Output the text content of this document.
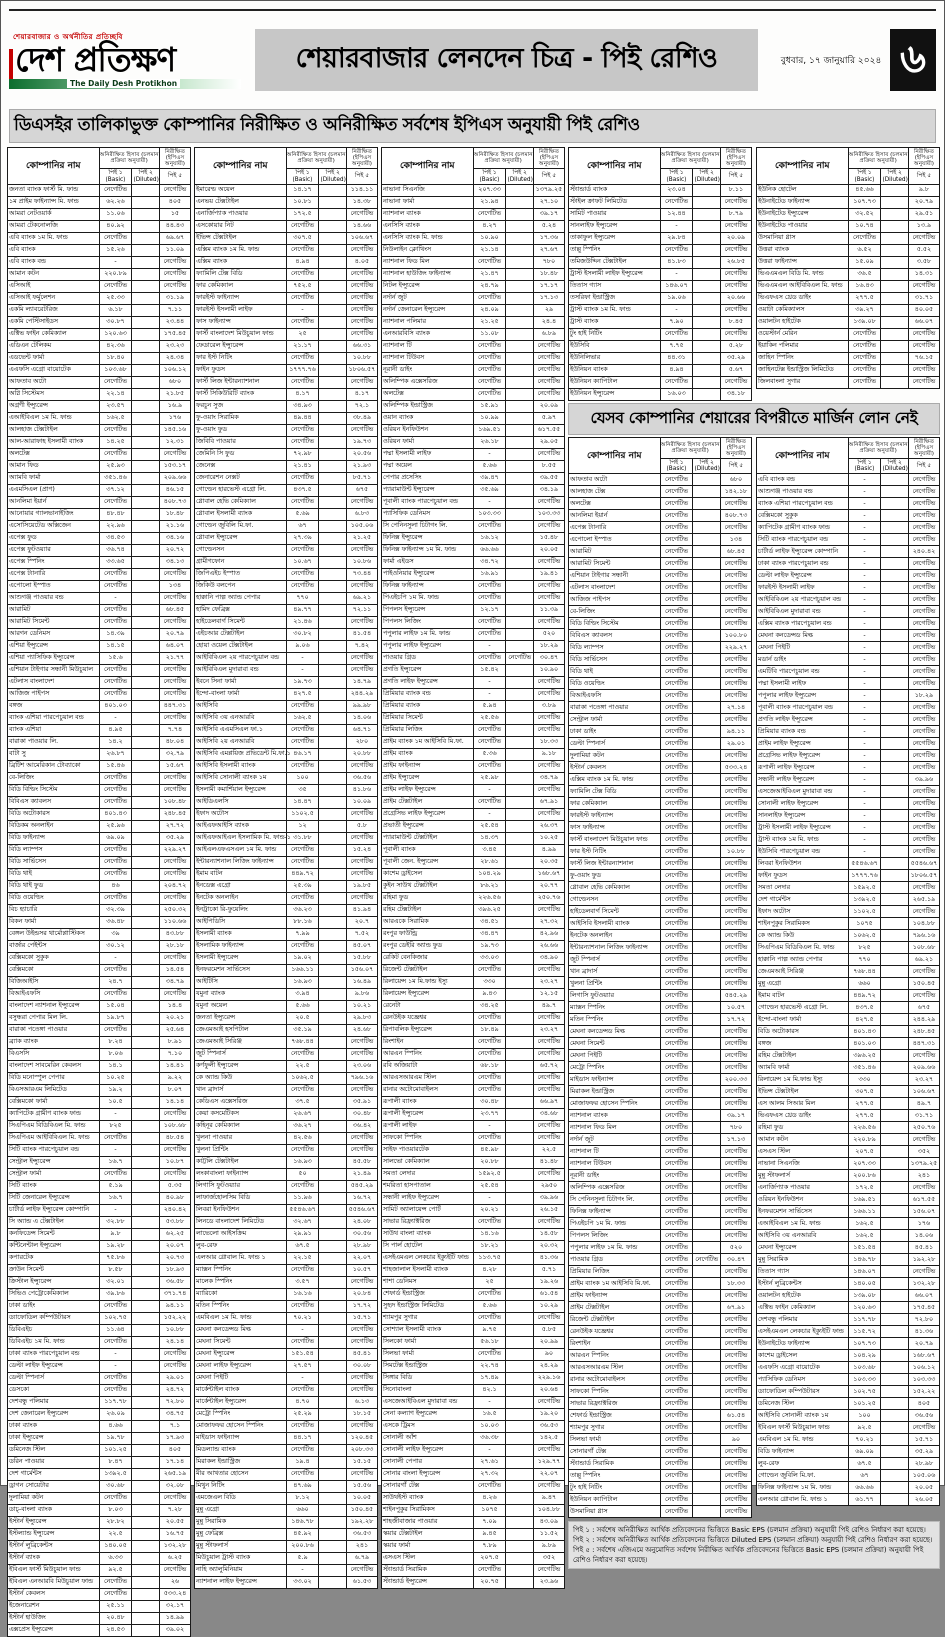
শেয়ারবাজার ও অর্থনীতির প্রতিচ্ছবি
দেশ প্রতিক্ষণ
The Daily Desh Protikhon
শেয়ারবাজার লেনদেন চিত্র - পিই রেশিও	বুধবার, ১৭ জানুয়ারি ২০২৪ ৬
ডিএসইর তালিকাভুক্ত কোম্পানির নিরীক্ষিত ও অনিরীক্ষিত সর্বশেষ ইপিএস অনুযায়ী পিই রেশিও
কোম্পানির নাম	অনিরীক্ষিত হিসাব (চলমান প্রক্রিয়া অনুযায়ী)		নিরীক্ষিত (ইপিএস অনুযায়ী)
	পিই ১ (Basic)	পিই ২ (Diluted)	পিই ৫
জনতা ব্যাংক ফার্স্ট মি. ফান্ড	নেগেটিভ		নেগেটিভ
১ম প্রাইম ফাইন্যান্স মি. ফান্ড	৬২.২৬		৪০৫
আমরা নেটওয়ার্ক	১১.০৬		১৫
আমরা টেকনোলজি	৪০.৯২		৪৪.৪৩
এবি ব্যাংক ১ম মি. ফান্ড	নেগেটিভ		৬৯.৬৭
এবি ব্যাংক	১৫.২৬		১১.০৯
এবি ব্যাংক বন্ড	-		নেগেটিভ
আমান কটন	২২০.৮৯		নেগেটিভ
এসিআই	নেগেটিভ		নেগেটিভ
এসিআই ফর্মুলেশন	২৫.৩৩		৩১.১৯
একমি ল্যাবরেটরিজ	৬.১৮		৭.১১
একমি পেস্টিসাইডস	৩০.৮৭		২৩.৪৪
এক্টিভ ফাইন কেমিক্যাল	১২০.৬৩		১৭৫.৪৫
এডিএন টেলিকম	৪২.৩৬		২৩.২৩
এডভেন্ট ফার্মা	১৮.৪০		২৪.৩৪
এএফসি এগ্রো বায়োটেক	১০৩.৬৮		১০৬.১২
আফতাব অটো	নেগেটিভ		৬৮০
অগ্নি সিস্টেমস	২২.১৪		২১.৮৫
অগ্রণী ইন্স্যুরেন্স	২৩.৫৭		১৬.৯
এআইবিএল ১ম মি. ফান্ড	১৬২.৫		১৭৬
আলহাজ টেক্সটাইল	নেগেটিভ		১৪৫.১৬
আল-আরাফাহ ইসলামী ব্যাংক	১৪.২৫		১২.৩১
অলটেক্স	নেগেটিভ		নেগেটিভ
আমান ফিড	২৫.৯৩		১৫৩.১৭
অ্যামবি ফার্মা	৩৫১.৪৬		২০৯.৬৬
এএমসিএল (প্রাণ)	৩৭.১২		৪৬.১৫
আনলিমা ইয়ার্ন	নেগেটিভ		৪০৮.৭৩
আনোয়ার গ্যালভানাইজিং	৪৮.৪৮		১৮.৪৮
এসোসিয়েটেড অক্সিজেন	২২.৯৬		২১.১৬
এপেক্স ফুড	৩৪.৫৩		৩৪.১৬
এপেক্স ফুটওয়্যার	৩৬.৭৪		২০.৭২
এপেক্স স্পিনিং	৩৩.৬৫		৩৪.১৩
এপেক্স ট্যানারি	নেগেটিভ		নেগেটিভ
এপোলো ইস্পাত	নেগেটিভ		১৩৪
আশুগঞ্জ পাওয়ার বন্ড	-		নেগেটিভ
আরামিট	নেগেটিভ		৬৮.৪৫
আরামিট সিমেন্ট	নেগেটিভ		নেগেটিভ
আরগন ডেনিমস	১৪.৩৯		২০.৭৯
এশিয়া ইন্স্যুরেন্স	১৪.১৫		৬৪.০৭
এশিয়া প্যাসিফিক ইন্স্যুরেন্স	১৫.৬		২১.৭৭
এশিয়ান টাইগার সন্ধানী মিউচুয়াল	নেগেটিভ		নেগেটিভ
এটলাস বাংলাদেশ	নেগেটিভ		নেগেটিভ
আজিজ পাইপস	নেগেটিভ		নেগেটিভ
বঙ্গজ	৪০১.০৩		৪৪৭.৩১
ব্যাংক এশিয়া পারপেচুয়াল বন্ড	-		নেগেটিভ
ব্যাংক এশিয়া	৪.৯৫		৭.৭৪
বারাকা পাওয়ার লি.	১৪.২		৪৮.০৪
বাটা সু	২৬.৮৭		৩২.৭৯
ব্রিটিশ আমেরিকান টোব্যাকো	১৫.৪৬		১৫.৬৭
বে-লিজিং	নেগেটিভ		নেগেটিভ
বিডি বিল্ডিং সিস্টেম	নেগেটিভ		নেগেটিভ
বিবিএস ক্যাবলস	নেগেটিভ		১০৮.৪৮
বিডি অটোকারস	৪০১.৪৩		২৪৮.৪৫
বিডিকম অনলাইন	২৫.৯৬		২৭.৭২
বিডি ফাইন্যান্স	৬৯.০৯		৩৫.২৯
বিডি ল্যাম্পস	নেগেটিভ		২২৯.২৭
বিডি সার্ভিসেস	নেগেটিভ		নেগেটিভ
বিডি থাই	নেগেটিভ		নেগেটিভ
বিডি থাই ফুড	৪৬		২০৪.৭২
বিডি ওয়েল্ডিং	নেগেটিভ		নেগেটিভ
বিচ হ্যাচারি	৩২.৩৯		২৫০.৩২
বিকন ফার্মা	৩৬.৪৮		১১০.৬৬
বেঙ্গল উইন্ডসর থার্মোপ্লাস্টিকস	৩৯		৪৩.৮৮
বার্জার পেইন্টস	৩০.১২		২৮.১৮
বেক্সিমকো সুকুক	-		নেগেটিভ
বেক্সিমকো	নেগেটিভ		১৪.৫৪
বিজিআইসি	২৪.৭		৩৪.৭৯
বিআইএফসি	নেগেটিভ		নেগেটিভ
বাংলাদেশ ন্যাশনাল ইন্স্যুরেন্স	১৫.০৪		১৪.৪
বসুন্ধরা পেপার মিল লি.	১৯.৮৭		২০.২১
বারাকা পতেঙ্গা পাওয়ার	নেগেটিভ		২৫.৬৪
ব্র্যাক ব্যাংক	৮.২৪		৮.৯১
বিএসসি	৮.০৬		৭.১০
বাংলাদেশ সাবমেরিন কেবলস	১৪.১		১৪.৪১
বিডি মনোস্পুল পেপার	১০.২৫		৯.২২
বিএসআরএম লিমিটেড	১৯.২		৮.০৭
বেক্সিমকো ফার্মা	১০.৫		১৪.১৪
ক্যাপিটেক গ্রামীণ ব্যাংক ফান্ড	-		নেগেটিভ
সিএপিএম বিডিবিএল মি. ফান্ড	৮২৫		১০৮.৬৮
সিএপিএম আইবিবিএল মি. ফান্ড	নেগেটিভ		৪৮.৫৪
সিটি ব্যাংক পারপেচুয়াল বন্ড	-		নেগেটিভ
সেন্ট্রাল ইন্স্যুরেন্স	১৬.৭		১০.৮৭
সেন্ট্রাল ফার্মা	নেগেটিভ		নেগেটিভ
সিটি ব্যাংক	৫.১৯		৫.৩৫
সিটি জেনারেল ইন্স্যুরেন্স	১৬.৭		৪০.৯৮
চার্টার্ড লাইফ ইন্স্যুরেন্স কোম্পানি	-		২৪০.৪২
সি অ্যান্ড এ টেক্সটাইল	৩২.৮৮		৫৩.৮৮
কনফিডেন্স সিমেন্ট	৯.৮		৬২.২৫
কন্টিনেন্টাল ইন্স্যুরেন্স	১৯.২৮		২০.০৭
কপারটেক	৭৫.৮৬		২০.৭৩
ক্রাউন সিমেন্ট	৮.৫৮		১৮.৯৩
ক্রিস্টাল ইন্স্যুরেন্স	৩২.০১		৩৬.৫৮
সিভিও পেট্রোকেমিক্যাল	৩৯.৮৬		৩৭১.৭৪
ঢাকা ডাইং	নেগেটিভ		৯৪.১১
ড্যাফোডিল কম্পিউটারস	১০২.৭৫		১৫২.২২
ডিবিএইচ	১১.৬৪		১০.৮৮
ডিবিএইচ ১ম মি. ফান্ড	নেগেটিভ		২৪.১৪
ঢাকা ব্যাংক পারপেচুয়াল বন্ড	-		নেগেটিভ
ডেল্টা লাইফ ইন্স্যুরেন্স	-		নেগেটিভ
ডেল্টা স্পিনার্স	নেগেটিভ		২৯.০১
ডেসকো	নেগেটিভ		২৪.৭২
দেশবন্ধু পলিমার	১১৭.৭৮		৭২.৮০
দেশ জেনারেল ইন্স্যুরেন্স	২৬.০৯		৩৪.৭৫
ঢাকা ব্যাংক	৪.৬৬		৭.১
ঢাকা ইন্স্যুরেন্স	১৯.৭৮		১৭.৯৩
ডমিনেজ স্টিল	১০১.২৫		৪০৫
ডরিন পাওয়ার	৮.৪৭		১৭.১৪
দেশ গার্মেন্টস	১৩৯২.৫		২৬৫.১৯
ড্রাগন সোয়েটার	৩০.৬৮		৩২.০৮
দুলামিয়া কটন	নেগেটিভ		নেগেটিভ
ডাচ্-বাংলা ব্যাংক	৮.০৩		৭.২৮
ইস্টার্ন ইন্স্যুরেন্স	২৮.৮২		২০.৫৫
ইস্টল্যান্ড ইন্স্যুরেন্স	২২.৫		১৬.৭৫
ইস্টার্ন লুব্রিকেন্টস	১৪০.০৫		১৩২.২৮
ইস্টার্ন ব্যাংক	৬.৩৩		৬.২৫
ইবিএল ফার্স্ট মিউচুয়াল ফান্ড	৯২.৫		নেগেটিভ
ইবিএল এনআরবি মিউচুয়াল ফান্ড	নেগেটিভ		২৬
ইস্টার্ন কেবলস	নেগেটিভ		৫৩৩.২৪
ইজেনারেশন	২৫.১১		৩২.১৭
ইস্টার্ন হাউজিং	২০.৪৮		১৪.৯৯
এক্সপ্রেস ইন্স্যুরেন্স	২৪.৫৩		৩৯.০২
কোম্পানির নাম	অনিরীক্ষিত হিসাব (চলমান প্রক্রিয়া অনুযায়ী)		নিরীক্ষিত (ইপিএস অনুযায়ী)
	পিই ১ (Basic)	পিই ২ (Diluted)	পিই ৫
ইমারেল্ড অয়েল	১৪.১৭		১১৪.১১
এনভয় টেক্সটাইল	১০.৮১		১৪.৩৮
এনার্জিপ্যাক পাওয়ার	১৭২.৫		নেগেটিভ
এসকোয়ার নিট	নেগেটিভ		১৪.৬৬
ইভিন্স টেক্সটাইল	৩০৭.৫		১০৬.৬৭
এক্সিম ব্যাংক ১ম মি. ফান্ড	নেগেটিভ		নেগেটিভ
এক্সিম ব্যাংক	৪.৯৪		৪.০৫
ফ্যামিলি টেক্স বিডি	নেগেটিভ		নেগেটিভ
ফার কেমিক্যাল	৭৫২.৫		নেগেটিভ
ফারইস্ট ফাইন্যান্স	নেগেটিভ		নেগেটিভ
ফারইস্ট ইসলামী লাইফ	-		নেগেটিভ
ফাস ফাইন্যান্স	নেগেটিভ		নেগেটিভ
ফার্স্ট বাংলাদেশ মিউচুয়াল ফান্ড	২৫		নেগেটিভ
ফেডারেল ইন্স্যুরেন্স	২১.১৭		৬৬.৩১
ফার ইস্ট নিটিং	নেগেটিভ		১০.৮৮
ফাইন ফুডস	১৭৭৭.৭৬		১৮০৬.৫৭
ফার্স্ট লিজ ইন্টারন্যাশনাল	নেগেটিভ		নেগেটিভ
ফার্স্ট সিকিউরিটি ব্যাংক	৪.১৭		৪.১৭
ফরচুন সুজ	৩৪.৯৩		৭২.১
ফু-ওয়াং সিরামিক	৪৯.৪৪		৩৮.৪৯
ফু-ওয়াং ফুড	নেগেটিভ		নেগেটিভ
জিবিবি পাওয়ার	নেগেটিভ		১৯.৭৩
জেমিনি সি ফুড	৭২.৯৮		২০.৫৬
জেনেক্স	২১.৪১		২১.৯৩
জেনারেশন নেক্সট	নেগেটিভ		৮৫.৭১
গোল্ডেন হারভেস্ট এগ্রো লি.	৪৩৭.৫		৬৭৫
গ্লোবাল হেভি কেমিক্যাল	নেগেটিভ		নেগেটিভ
গ্লোবাল ইসলামী ব্যাংক	৫.৬৯		৬.৮৩
গোল্ডেন জুবিলি মি.ফা.	৬৭		১০৫.০৬
গ্লোবাল ইন্স্যুরেন্স	২৭.৩৯		২১.২৫
গোল্ডেনসন	নেগেটিভ		নেগেটিভ
গ্রামীণফোন	১০.৬৭		১০.৮৬
জিপিএইচ ইস্পাত	নেগেটিভ		৭৩.৪৪
জিকিউ বলপেন	নেগেটিভ		নেগেটিভ
হাক্কানি পাল্প অ্যান্ড পেপার	৭৭০		৬৯.২১
হামিদ ফেব্রিক্স	৪৯.৭৭		৭২.১১
হাইডেলবার্গ সিমেন্ট	২১.৪৬		নেগেটিভ
এইচআর টেক্সটাইল	৩০.৮২		৪১.৫৪
হোয়া ওয়েল টেক্সটাইল	৯.০৬		৭.৪২
আইবিবিএল ২য় পারপেচুয়াল বন্ড	-		নেগেটিভ
আইবিবিএল মুদারাবা বন্ড	-		নেগেটিভ
ইবনে সিনা ফার্মা	১৯.৭৩		১৪.৭৯
ইন্দো-বাংলা ফার্মা	৪২৭.৫		২৪৪.২৯
আইসিবি	নেগেটিভ		৯৯.৯৮
আইসিবি ৩য় এনআরবি	১৬২.৫		১৪.০৬
আইসিবি এএমসিএল ফা.১	নেগেটিভ		৬৪.৭১
আইসিবি ২য় এনআরবি	নেগেটিভ		২৮০
আইসিবি এমপ্লয়িজ প্রভিডেন্ট মি.ফা.১	৪৬.১৭		২০.৮৮
আইসিবি ইসলামী ব্যাংক	নেগেটিভ		নেগেটিভ
আইসিবি সোনালী ব্যাংক ১ম	১০০		৩৬.৫৬
ইসলামী কমার্শিয়াল ইন্স্যুরেন্স	৩৫		৪১.৮৬
আইডিএলসি	১৪.৪৭		১০.০৯
ইফাদ অটোস	১১০২.৫		নেগেটিভ
আইএফআইসি ব্যাংক	১২		৫.৮
আইএফআইএল ইসলামিক মি. ফান্ড-১	৩১.৮৮		নেগেটিভ
আইএলএফএসএল ১ম মি. ফান্ড	নেগেটিভ		১৫.২৪
ইন্টারন্যাশনাল লিজিং ফাইন্যান্স	নেগেটিভ		নেগেটিভ
ইমাম বাটন	৪৪৯.৭২		নেগেটিভ
ইনডেক্স এগ্রো	২৫.৩৯		১৯.৮৫
ইনটেক অনলাইন	নেগেটিভ		নেগেটিভ
ইনট্রাকো রি-ফুয়েলিং	৩৬.২৩		৪১.৯৪
আইপিডিসি	৮৮.১৬		২০.৭
ইসলামী ব্যাংক	৭.৯৯		৭.৫২
ইসলামিক ফাইন্যান্স	নেগেটিভ		৪৫.০৭
ইসলামী ইন্স্যুরেন্স	১৯.০২		১৫.৮৮
ইনফরমেশন সার্ভিসেস	১৬৬.১১		১৫৬.০৭
আইটিসি	১৬.৯৩		১৬.৪৯
যমুনা ব্যাংক	৩.৯৪		৯.৮৬
যমুনা অয়েল	৫.৬৬		১০.২১
জনতা ইন্স্যুরেন্স	২০.৫		২৯.৮৩
জেএমআই হসপিটাল	৩৫.১৯		২৪.৬৮
জেএমআই সিরিঞ্জ	৭৬৮.৪৪		নেগেটিভ
জুট স্পিনার্স	নেগেটিভ		নেগেটিভ
কর্ণফুলী ইন্স্যুরেন্স	২২.৫		২৩.০৬
কে অ্যান্ড কিউ	১০৬২.৫		৭৯৬.১৬
খান ব্রাদার্স	নেগেটিভ		নেগেটিভ
কেডিএস এক্সেসরিজ	৩৭.৫		৩৫.৯১
কেয়া কসমেটিকস	২৬.৬৭		৩০.৪৮
কহিনূর কেমিক্যাল	৩৬.২৭		৩৬.৪২
খুলনা পাওয়ার	৪২.৫৬		নেগেটিভ
খুলনা প্রিন্টিং	নেগেটিভ		নেগেটিভ
কাট্টলি টেক্সটাইল	১৬.৯৩		৪৫.৫৮
লংকাবাংলা ফাইন্যান্স	৫০		২১.৪৯
লিগাসি ফুটওয়্যার	নেগেটিভ		৫৪৫.২৯
লাফার্জহোলসিম বিডি	১১.৯৬		১৬.৭২
লিবরা ইনফিউশন	৫৫৪৬.৬৭		৫৫৪৬.৬৭
লিনডে বাংলাদেশ লিমিটেড	৩২.৬৭		২৪.০৮
লাভেলো আইসক্রিম	২৯.৯১		৩০.৫৬
লুব-রেফ	৬৭.৫		২৮.৯৮
এলআর গ্লোবাল মি. ফান্ড ১	২২.১৫		২২.০৭
ম্যাক্সন স্পিনিং	নেগেটিভ		১০.৫৭
মালেক স্পিনিং	৩.৫৭		নেগেটিভ
ম্যারিকো	১৬.১৬		২০.৮৪
মতিন স্পিনিং	নেগেটিভ		১৭.৭২
এমবিএল ১ম মি. ফান্ড	৭০.২১		১৫.৭১
মেঘনা কনডেন্সড মিল্ক	-		নেগেটিভ
মেঘনা সিমেন্ট	নেগেটিভ		নেগেটিভ
মেঘনা ইন্স্যুরেন্স	১৫১.৫৪		৪৫.৪১
মেঘনা লাইফ ইন্স্যুরেন্স	২৭.৫৭		৩০.০৮
মেঘনা পিইটি	-		নেগেটিভ
মার্কেন্টাইল ব্যাংক	নেগেটিভ		নেগেটিভ
মার্কেন্টাইল ইন্স্যুরেন্স	৪.৭০		৬.১৩
মেট্রো স্পিনিং	২৫.২৯		১৮.১৫
মোজাফফর হোসেন স্পিনিং	নেগেটিভ		নেগেটিভ
মাইডাস ফাইন্যান্স	৪৪.১৭		১২০.৪৫
মিডল্যান্ড ব্যাংক	নেগেটিভ		২০৮.৩৩
মিরাকল ইন্ডাস্ট্রিজ	১৯.৪		১৫.১৫
মীর আখতার হোসেন	নেগেটিভ		নেগেটিভ
মিথুন নিটিং	৪৭.৬৯		১৫.৫৬
এমজেএল বিডি	৮.১২		১০.০৫
মুন্নু এগ্রো	৬৬০		১৫০.৪৫
মুন্নু সিরামিক	১৪৬.৭৮		১৯২.২৮
মুন্নু ফেব্রিক্স	৪৫.৯২		৩৬.৫৩
মুন্নু স্টাফলার্স	২০০.৮৬		২৪১
মিউচুয়াল ট্রাস্ট ব্যাংক	৫.৯		৬.৭৯
নাহি অ্যালুমিনিয়াম	-		নেগেটিভ
ন্যাশনাল লাইফ ইন্স্যুরেন্স	৩৩.০২		৬১.৫৩
কোম্পানির নাম	অনিরীক্ষিত হিসাব (চলমান প্রক্রিয়া অনুযায়ী)		নিরীক্ষিত (ইপিএস অনুযায়ী)
	পিই ১ (Basic)	পিই ২ (Diluted)	পিই ৫
নাভানা সিএনজি	২০৭.৩৩		১৩৭৯.২৫
নাভানা ফার্মা	২১.৯৪		২৭.১০
ন্যাশনাল ব্যাংক	নেগেটিভ		৩৯.১৭
এনসিসি ব্যাংক	৪.২৭		৫.২৪
এনসিসি ব্যাংক মি. ফান্ড	১০.৯০		১৭.৩৬
নিউলাইন ক্লোথিংস	২১.১৪		২৭.৬৭
ন্যাশনাল ফিড মিল	নেগেটিভ		৭৮০
ন্যাশনাল হাউজিং ফাইন্যান্স	২১.৪৭		১৮.৪৮
নিটল ইন্স্যুরেন্স	২৪.৭৯		১৭.১৭
নর্দার্ন জুট	নেগেটিভ		১৭.১৩
নর্দার্ন জেনারেল ইন্স্যুরেন্স	২৪.০৯		২৯
ন্যাশনাল পলিমার	২১.২৫		২৪.৪
এনআরবিসি ব্যাংক	১১.০৮		৬.৮৯
ন্যাশনাল টি	নেগেটিভ		নেগেটিভ
ন্যাশনাল টিউবস	নেগেটিভ		নেগেটিভ
নূরানী ডাইং	নেগেটিভ		নেগেটিভ
অলিম্পিক এক্সেসরিজ	নেগেটিভ		নেগেটিভ
অলটেক্স	নেগেটিভ		নেগেটিভ
অলিম্পিক ইন্ডাস্ট্রিজ	১৫.৯১		২০.০৯
ওয়ান ব্যাংক	১০.৯৯		৫.৯৭
ওরিয়ন ইনফিউশন	১৬৯.৫১		৬১৭.৫৫
ওরিয়ন ফার্মা	২৬.১৮		২৯.০৫
পদ্মা ইসলামী লাইফ	-		নেগেটিভ
পদ্মা অয়েল	৫.৬৬		৮.৫৫
পেপার প্রসেসিং	৩৯.৪৭		৩৯.৫৫
প্যারামাউন্ট ইন্স্যুরেন্স	৩৫.৬৯		৩৪.১৯
পূবালী ব্যাংক পারপেচুয়াল বন্ড	-		নেগেটিভ
প্যাসিফিক ডেনিমস	১০৩.৩৩		১০৩.৩৩
সি পেনিনসুলা চিটাগং লি.	নেগেটিভ		নেগেটিভ
ফিনিক্স ইন্স্যুরেন্স	১৬.১২		১৫.৪৮
ফিনিক্স ফাইন্যান্স ১ম মি. ফান্ড	৬৬.৬৬		২০.০৫
ফার্মা এইডস	৩৪.৭২		নেগেটিভ
পাইওনিয়ার ইন্স্যুরেন্স	১৬.৯১		১৯.৪১
ফিনিক্স ফাইন্যান্স	নেগেটিভ		নেগেটিভ
পিএইচপি ১ম মি. ফান্ড	নেগেটিভ		নেগেটিভ
পিপলস ইন্স্যুরেন্স	১২.১৭		১১.৩৯
পিপলস লিজিং	নেগেটিভ		নেগেটিভ
পপুলার লাইফ ১ম মি. ফান্ড	নেগেটিভ		৫২০
পপুলার লাইফ ইন্স্যুরেন্স	-		১৮.২৯
পাওয়ার গ্রিড	নেগেটিভ	নেগেটিভ	৩০.৪৭
প্রগতি ইন্স্যুরেন্স	১৫.৪২		১০.৯০
প্রগতি লাইফ ইন্স্যুরেন্স	-		নেগেটিভ
প্রিমিয়ার ব্যাংক বন্ড	-		নেগেটিভ
প্রিমিয়ার ব্যাংক	৫.৯৪		৩.৮৯
প্রিমিয়ার সিমেন্ট	২৫.৫৬		নেগেটিভ
প্রিমিয়ার লিজিং	নেগেটিভ		নেগেটিভ
প্রাইম ব্যাংক ১ম আইসিবি মি.ফা.	নেগেটিভ		১৮.৩৩
প্রাইম ব্যাংক	৫.৩৬		৯.১৮
প্রাইম ফাইন্যান্স	নেগেটিভ		নেগেটিভ
প্রাইম ইন্স্যুরেন্স	২৫.৯৮		৩৪.৭৯
প্রাইম লাইফ ইন্স্যুরেন্স	-		নেগেটিভ
প্রাইম টেক্সটাইল	নেগেটিভ		৬৭.৯১
প্রগ্রেসিভ লাইফ ইন্স্যুরেন্স	-		নেগেটিভ
প্রভাতী ইন্স্যুরেন্স	২৫.৫৪		২৬.৩৭
প্যারামাউন্ট টেক্সটাইল	১৪.৩৭		১০.২৫
পূবালী ব্যাংক	৩.৪৫		৪.৯৯
পূবালী জেন. ইন্স্যুরেন্স	২৮.৬১		২০.৩৫
কাশেম ড্রাইসেল	১০৪.২৯		১৬৮.৬৭
কুইন সাউথ টেক্সটাইল	৮৬.২১		২০.৭৭
রহিমা ফুড	২২৬.৫৬		২৫০.৭৬
রহিম টেক্সটাইল	৩৯৬.২৫		নেগেটিভ
আরএকে সিরামিক	৩৪.৫১		২৭.৩২
রংপুর ফাউন্ড্রি	৩৪.৪৭		৪২.৯৬
রংপুর ডেইরি অ্যান্ড ফুড	১৯.৭৩		২৬.৬৬
রেকিট বেনকিজার	৩৩.০৩		৩৪.৯০
রিজেন্ট টেক্সটাইল	নেগেটিভ		নেগেটিভ
রিলায়েন্স ১ম মি.ফান্ড ইস্যু	৩৩০		২৩.২৭
রিলায়েন্স ইন্স্যুরেন্স	৯.৪৩		১২.১৫
রেনেটা	৩৪.২৫		৪৯.৭
রেনউইক যজ্ঞেশ্বর	নেগেটিভ		নেগেটিভ
রিপাবলিক ইন্স্যুরেন্স	১৮.৪৯		২৩.২৭
রিংশাইন	নেগেটিভ		নেগেটিভ
আরএন স্পিনিং	নেগেটিভ		নেগেটিভ
রবি অজিয়াটা	৬৮.১৮		৬৫.৭২
আরএসআরএম স্টিল	নেগেটিভ		নেগেটিভ
রানার অটোমোবাইলস	নেগেটিভ		নেগেটিভ
রূপালী ব্যাংক	৩০.৪৮		৬৬.৯৭
রূপালী ইন্স্যুরেন্স	২৩.৭৭		৩৪.৬৮
রূপালী লাইফ	-		নেগেটিভ
সাফকো স্পিনিং	নেগেটিভ		নেগেটিভ
সাইফ পাওয়ারটেক	৪৫.৯৮		২২.৫
সালভো কেমিক্যাল	২০.৮৮		৪১.৪৮
সমতা লেদার	১৫৯২.৫		নেগেটিভ
শমরিতা হাসপাতাল	২৫.৫৪		২৯৫০
সন্ধানী লাইফ ইন্স্যুরেন্স	-		৩৯.৯৬
সামিট অ্যালায়েন্স পোর্ট	২০.২১		২৬.১৫
সাভার রিফ্র্যাক্টরিজ	নেগেটিভ		নেগেটিভ
সাউথ বাংলা ব্যাংক	১৪.১৬		১৪.৫৮
সি পার্ল হোটেল	১৮.২১		২০.৩২
এসইএমএল লেকচার ইক্যুইটি ফান্ড	১১৩.৭৫		৪১.৩৬
শাহজালাল ইসলামী ব্যাংক	৪.২৮		৫.৭১
শাশা ডেনিমস	২৫		১৯.২৬
শেফার্ড ইন্ডাস্ট্রিজ	নেগেটিভ		৬১.৫৪
সুহৃদ ইন্ডাস্ট্রিজ লিমিটেড	৫.৬৬		১০.২৯
শ্যামপুর সুগার	নেগেটিভ		নেগেটিভ
সোশ্যাল ইসলামী ব্যাংক	৯.৭৫		৫.৮৫
সিলকো ফার্মা	৫৬.১৮		২০.৯৯
সিলভা ফার্মা	নেগেটিভ		৯০
সিমটেক্স ইন্ডাস্ট্রিজ	২২.৭৪		২৪.২৯
সিঙ্গার বিডি	১৭.৪৯		২২৯.১৬
সিনোবাংলা	৪২.১		২০.৬৪
এসজেআইবিএল মুদারাবা বন্ড	-		নেগেটিভ
সেনা কল্যাণ ইন্স্যুরেন্স	১৬.৫		১৯.২০
এসকে ট্রিমস	১০.০৩		৩৬.৫৩
সোনালী আঁশ	৩৬.৩৮		১৪২.৫
সোনালী লাইফ ইন্স্যুরেন্স	-		নেগেটিভ
সোনালী পেপার	২৭.৬১		১২৯.৭৭
সোনার বাংলা ইন্স্যুরেন্স	২৭.৩২		২২.০৭
সোনারগাঁ টেক্স	নেগেটিভ		নেগেটিভ
সাউথইস্ট ব্যাংক	৪.২৬		৯.৪৭
শাইনপুকুর সিরামিকস	১০৭৫		১০৪.৮৮
শাহজীবাজার পাওয়ার	৭.০৯		৪৩.০৯
স্কয়ার টেক্সটাইল	৯.৪৫		১১.৫২
স্কয়ার ফার্মা	৭.৮৯		৯.৮৯
এসএস স্টিল	২০৭.৫		৩৫২
স্ট্যান্ডার্ড সিরামিক	নেগেটিভ		নেগেটিভ
স্ট্যান্ডার্ড ইন্স্যুরেন্স	২০.৭৫		২৩.৯৬
কোম্পানির নাম	অনিরীক্ষিত হিসাব (চলমান প্রক্রিয়া অনুযায়ী)		নিরীক্ষিত (ইপিএস অনুযায়ী)
	পিই ১ (Basic)	পিই ২ (Diluted)	পিই ৫
স্ট্যান্ডার্ড ব্যাংক	২৩.০৪		৮.১১
স্টাইল ক্রাফট লিমিটেড	নেগেটিভ		নেগেটিভ
সামিট পাওয়ার	১২.৪৪		৮.৭৯
সানলাইফ ইন্স্যুরেন্স	-		নেগেটিভ
তাকাফুল ইন্স্যুরেন্স	২৯.৮৪		২০.০৯
তাল্লু স্পিনিং	নেগেটিভ		নেগেটিভ
তমিজউদ্দিন টেক্সটাইল	৪১.৮৩		২৬.৮৫
ট্রাস্ট ইসলামী লাইফ ইন্স্যুরেন্স	-		নেগেটিভ
তিতাস গ্যাস	১৪৬.০৭		নেগেটিভ
তসরিফা ইন্ডাস্ট্রিজ	১৯.০৬		২০.৬৬
ট্রাস্ট ব্যাংক ১ম মি. ফান্ড	-		নেগেটিভ
ট্রাস্ট ব্যাংক	৭.৯০		৮.৪৫
টুং হাই নিটিং	নেগেটিভ		নেগেটিভ
ইউসিবি	৭.৭৫		৫.২৮
ইউনিলিভার	৪৪.৩১		৩৫.২৯
ইউনিয়ন ব্যাংক	৪.৯৪		৫.৬৭
ইউনিয়ন ক্যাপিটাল	নেগেটিভ		নেগেটিভ
ইউনিয়ন ইন্স্যুরেন্স	১৬.০৩		৩৪.১৮
কোম্পানির নাম	অনিরীক্ষিত হিসাব (চলমান প্রক্রিয়া অনুযায়ী)		নিরীক্ষিত (ইপিএস অনুযায়ী)
	পিই ১ (Basic)	পিই ২ (Diluted)	পিই ৫
ইউনিক হোটেল	৪৫.৬৬		৯.৮
ইউনাইটেড ফাইন্যান্স	১০৭.৭৩		২০.৭৯
ইউনাইটেড ইন্স্যুরেন্স	৩২.৫২		২৯.৫১
ইউনাইটেড পাওয়ার	১০.৭৪		১৩.৯
উসমানিয়া গ্লাস	নেগেটিভ		নেগেটিভ
উত্তরা ব্যাংক	৬.৫২		৫.৫২
উত্তরা ফাইন্যান্স	১৫.০৯		৩.৫৮
ভিএএমএল বিডি মি. ফান্ড	৩৬.৫		১৪.৩১
ভিএএমএল আইবিবিএল মি. ফান্ড	১৬.৪৩		নেগেটিভ
ভিএফএস থ্রেড ডাইং	২৭৭.৫		৩১.৭১
ওয়াটা কেমিক্যালস	৩৯.২৭		৪০.০৫
ওয়ালটন হাইটেক	১৩৯.০৮		৬৬.০৭
ওয়েস্টার্ন মেরিন	নেগেটিভ		নেগেটিভ
ইয়াকিন পলিমার	নেগেটিভ		নেগেটিভ
জাহিন স্পিনিং	নেগেটিভ		৭৬.১৫
জাহিনটেক্স ইন্ডাস্ট্রিজ লিমিটেড	নেগেটিভ		নেগেটিভ
জিলবাংলা সুগার	নেগেটিভ		নেগেটিভ
যেসব কোম্পানির শেয়ারের বিপরীতে মার্জিন লোন নেই
কোম্পানির নাম	অনিরীক্ষিত হিসাব (চলমান প্রক্রিয়া অনুযায়ী)		নিরীক্ষিত (ইপিএস অনুযায়ী)
	পিই ১ (Basic)	পিই ২ (Diluted)	পিই ৫
আফতাব অটো	নেগেটিভ		৬৮০
আলহাজ টেক্স	নেগেটিভ		১৪২.১৮
অলটেক্স	নেগেটিভ		নেগেটিভ
আনলিমা ইয়ার্ন	নেগেটিভ		৪০৮.৭৩
এপেক্স ট্যানারি	নেগেটিভ		নেগেটিভ
এপোলো ইস্পাত	নেগেটিভ		১৩৪
আরামিট	নেগেটিভ		৬৮.৪৫
আরামিট সিমেন্ট	নেগেটিভ		নেগেটিভ
এশিয়ান টাইগার সন্ধানী	নেগেটিভ		নেগেটিভ
এটলাস বাংলাদেশ	নেগেটিভ		নেগেটিভ
আজিজ পাইপস	নেগেটিভ		নেগেটিভ
বে-লিজিং	নেগেটিভ		নেগেটিভ
বিডি বিল্ডিং সিস্টেম	নেগেটিভ		নেগেটিভ
বিবিএস ক্যাবলস	নেগেটিভ		১০০.৮০
বিডি ল্যাম্পস	নেগেটিভ		২২৯.২৭
বিডি সার্ভিসেস	নেগেটিভ		নেগেটিভ
বিডি থাই	নেগেটিভ		নেগেটিভ
বিডি ওয়েল্ডিং	নেগেটিভ		নেগেটিভ
বিআইএফসি	নেগেটিভ		নেগেটিভ
বারাকা পতেঙ্গা পাওয়ার	নেগেটিভ		২৭.১৪
সেন্ট্রাল ফার্মা	নেগেটিভ		নেগেটিভ
ঢাকা ডাইং	নেগেটিভ		৯৪.১১
ডেল্টা স্পিনার্স	নেগেটিভ		২৯.০১
দুলামিয়া কটন	নেগেটিভ		নেগেটিভ
ইস্টার্ন কেবলস	নেগেটিভ		৫৩৩.২৪
এক্সিম ব্যাংক ১ম মি. ফান্ড	নেগেটিভ		নেগেটিভ
ফ্যামিলি টেক্স বিডি	নেগেটিভ		নেগেটিভ
ফার কেমিক্যাল	নেগেটিভ		নেগেটিভ
ফারইস্ট ফাইন্যান্স	নেগেটিভ		নেগেটিভ
ফাস ফাইন্যান্স	নেগেটিভ		নেগেটিভ
ফার্স্ট বাংলাদেশ মিউচুয়াল ফান্ড	নেগেটিভ		নেগেটিভ
ফার ইস্ট নিটিং	নেগেটিভ		১০.৮৮
ফার্স্ট লিজ ইন্টারন্যাশনাল	নেগেটিভ		নেগেটিভ
ফু-ওয়াং ফুড	নেগেটিভ		নেগেটিভ
গ্লোবাল হেভি কেমিক্যাল	নেগেটিভ		নেগেটিভ
গোল্ডেনসন	নেগেটিভ		নেগেটিভ
হাইডেলবার্গ সিমেন্ট	নেগেটিভ		নেগেটিভ
আইসিবি ইসলামী ব্যাংক	নেগেটিভ		নেগেটিভ
ইনটেক অনলাইন	নেগেটিভ		নেগেটিভ
ইন্টারন্যাশনাল লিজিং ফাইন্যান্স	নেগেটিভ		নেগেটিভ
জুট স্পিনার্স	নেগেটিভ		নেগেটিভ
খান ব্রাদার্স	নেগেটিভ		নেগেটিভ
খুলনা প্রিন্টিং	নেগেটিভ		নেগেটিভ
লিগাসি ফুটওয়্যার	নেগেটিভ		৫৪৫.২৯
ম্যাক্সন স্পিনিং	নেগেটিভ		১০.৫৭
মতিন স্পিনিং	নেগেটিভ		১৭.৭২
মেঘনা কনডেন্সড মিল্ক	নেগেটিভ		নেগেটিভ
মেঘনা সিমেন্ট	নেগেটিভ		নেগেটিভ
মেঘনা পিইটি	নেগেটিভ		নেগেটিভ
মেট্রো স্পিনিং	নেগেটিভ		নেগেটিভ
মাইডাস ফাইন্যান্স	নেগেটিভ		২০০.৩৩
মিরাকল ইন্ডাস্ট্রিজ	নেগেটিভ		নেগেটিভ
মোজাফফর হোসেন স্পিনিং	নেগেটিভ		নেগেটিভ
ন্যাশনাল ব্যাংক	নেগেটিভ		৩৯.১৭
ন্যাশনাল ফিড মিল	নেগেটিভ		৭৮০
নর্দার্ন জুট	নেগেটিভ		১৭.১৩
ন্যাশনাল টি	নেগেটিভ		নেগেটিভ
ন্যাশনাল টিউবস	নেগেটিভ		নেগেটিভ
নূরানী ডাইং	নেগেটিভ		নেগেটিভ
অলিম্পিক এক্সেসরিজ	নেগেটিভ		নেগেটিভ
সি পেনিনসুলা চিটাগং লি.	নেগেটিভ		নেগেটিভ
ফিনিক্স ফাইন্যান্স	নেগেটিভ		নেগেটিভ
পিএইচপি ১ম মি. ফান্ড	নেগেটিভ		নেগেটিভ
পিপলস লিজিং	নেগেটিভ		নেগেটিভ
পপুলার লাইফ ১ম মি. ফান্ড	নেগেটিভ		৫২০
পাওয়ার গ্রিড	নেগেটিভ	নেগেটিভ	৩০.৪৭
প্রিমিয়ার লিজিং	নেগেটিভ		নেগেটিভ
প্রাইম ব্যাংক ১ম আইসিবি মি.ফা.	নেগেটিভ		১৮.৩৩
প্রাইম ফাইন্যান্স	নেগেটিভ		নেগেটিভ
প্রাইম টেক্সটাইল	নেগেটিভ		৬৭.৯১
রিজেন্ট টেক্সটাইল	নেগেটিভ		নেগেটিভ
রেনউইক যজ্ঞেশ্বর	নেগেটিভ		নেগেটিভ
রিংশাইন	নেগেটিভ		নেগেটিভ
আরএন স্পিনিং	নেগেটিভ		নেগেটিভ
আরএসআরএম স্টিল	নেগেটিভ		নেগেটিভ
রানার অটোমোবাইলস	নেগেটিভ		নেগেটিভ
সাফকো স্পিনিং	নেগেটিভ		নেগেটিভ
সাভার রিফ্র্যাক্টরিজ	নেগেটিভ		নেগেটিভ
শেফার্ড ইন্ডাস্ট্রিজ	নেগেটিভ		৬১.৫৪
শ্যামপুর সুগার	নেগেটিভ		নেগেটিভ
সিলভা ফার্মা	নেগেটিভ		৯০
সোনারগাঁ টেক্স	নেগেটিভ		নেগেটিভ
স্ট্যান্ডার্ড সিরামিক	নেগেটিভ		নেগেটিভ
তাল্লু স্পিনিং	নেগেটিভ		নেগেটিভ
টুং হাই নিটিং	নেগেটিভ		নেগেটিভ
ইউনিয়ন ক্যাপিটাল	নেগেটিভ		নেগেটিভ
উসমানিয়া গ্লাস	নেগেটিভ		নেগেটিভ
কোম্পানির নাম	অনিরীক্ষিত হিসাব (চলমান প্রক্রিয়া অনুযায়ী)		নিরীক্ষিত (ইপিএস অনুযায়ী)
	পিই ১ (Basic)	পিই ২ (Diluted)	পিই ৫
এবি ব্যাংক বন্ড	-		নেগেটিভ
আশুগঞ্জ পাওয়ার বন্ড	-		নেগেটিভ
ব্যাংক এশিয়া পারপেচুয়াল বন্ড	-		নেগেটিভ
বেক্সিমকো সুকুক	-		নেগেটিভ
ক্যাপিটেক গ্রামীণ ব্যাংক ফান্ড	-		নেগেটিভ
সিটি ব্যাংক পারপেচুয়াল বন্ড	-		নেগেটিভ
চার্টার্ড লাইফ ইন্স্যুরেন্স কোম্পানি	-		২৪০.৪২
ঢাকা ব্যাংক পারপেচুয়াল বন্ড	-		নেগেটিভ
ডেল্টা লাইফ ইন্স্যুরেন্স	-		নেগেটিভ
ফারইস্ট ইসলামী লাইফ	-		নেগেটিভ
আইবিবিএল ২য় পারপেচুয়াল বন্ড	-		নেগেটিভ
আইবিবিএল মুদারাবা বন্ড	-		নেগেটিভ
এক্সিম ব্যাংক পারপেচুয়াল বন্ড	-		নেগেটিভ
মেঘনা কনডেন্সড মিল্ক	-		নেগেটিভ
মেঘনা পিইটি	-		নেগেটিভ
মডার্ন ডাইং	-		নেগেটিভ
এমটিবি পারপেচুয়াল বন্ড	-		নেগেটিভ
পদ্মা ইসলামী লাইফ	-		নেগেটিভ
পপুলার লাইফ ইন্স্যুরেন্স	-		১৮.২৯
পূবালী ব্যাংক পারপেচুয়াল বন্ড	-		নেগেটিভ
প্রগতি লাইফ ইন্স্যুরেন্স	-		নেগেটিভ
প্রিমিয়ার ব্যাংক বন্ড	-		নেগেটিভ
প্রাইম লাইফ ইন্স্যুরেন্স	-		নেগেটিভ
প্রগ্রেসিভ লাইফ ইন্স্যুরেন্স	-		নেগেটিভ
রূপালী লাইফ ইন্স্যুরেন্স	-		নেগেটিভ
সন্ধানী লাইফ ইন্স্যুরেন্স	-		৩৯.৯৬
এসজেআইবিএল মুদারাবা বন্ড	-		নেগেটিভ
সোনালী লাইফ ইন্স্যুরেন্স	-		নেগেটিভ
সানলাইফ ইন্স্যুরেন্স	-		নেগেটিভ
ট্রাস্ট ইসলামী লাইফ ইন্স্যুরেন্স	-		নেগেটিভ
ট্রাস্ট ব্যাংক ১ম মি. ফান্ড	-		নেগেটিভ
ইউসিবি পারপেচুয়াল বন্ড	-		নেগেটিভ
লিবরা ইনফিউশন	৫৫৪৬.৬৭		৫৫৪৬.৬৭
ফাইন ফুডস	১৭৭৭.৭৬		১৮০৬.৫৭
সমতা লেদার	১৫৯২.৫		নেগেটিভ
দেশ গার্মেন্টস	১৩৯২.৫		২৬৫.১৯
ইফাদ অটোস	১১০২.৫		নেগেটিভ
শাইনপুকুর সিরামিকস	১০৭৫		১০৪.৮৮
কে অ্যান্ড কিউ	১০৬২.৫		৭৯৬.১৬
সিএপিএম বিডিবিএল মি. ফান্ড	৮২৫		১০৮.৬৮
হাক্কানি পাল্প অ্যান্ড পেপার	৭৭০		৬৯.২১
জেএমআই সিরিঞ্জ	৭৬৮.৪৪		নেগেটিভ
মুন্নু এগ্রো	৬৬০		১৫০.৪৫
ইমাম বাটন	৪৪৯.৭২		নেগেটিভ
গোল্ডেন হারভেস্ট এগ্রো লি.	৪৩৭.৫		৬৭৫
ইন্দো-বাংলা ফার্মা	৪২৭.৫		২৪৪.২৯
বিডি অটোকারস	৪০১.৪৩		২৪৮.৪৫
বঙ্গজ	৪০১.০৩		৪৪৭.৩১
রহিম টেক্সটাইল	৩৯৬.২৫		নেগেটিভ
অ্যামবি ফার্মা	৩৫১.৪৬		২০৯.৬৬
রিলায়েন্স ১ম মি.ফান্ড ইস্যু	৩৩০		২৩.২৭
ইভিন্স টেক্সটাইল	৩০৭.৫		১০৬.৬৭
এস আলম সিআর মিল	২৭৭.৫		৪৯.৭
ভিএফএস থ্রেড ডাইং	২৭৭.৫		৩১.৭১
রহিমা ফুড	২২৬.৫৬		২৫০.৭৬
আমান কটন	২২০.৮৯		নেগেটিভ
এসএস স্টিল	২০৭.৫		৩৫২
নাভানা সিএনজি	২০৭.৩৩		১৩৭৯.২৫
মুন্নু স্টাফলার্স	২০০.৮৬		২৪১
এনার্জিপ্যাক পাওয়ার	১৭২.৫		নেগেটিভ
ওরিয়ন ইনফিউশন	১৬৯.৫১		৬১৭.৫৫
ইনফরমেশন সার্ভিসেস	১৬৬.১১		১৫৬.০৭
এআইবিএল ১ম মি. ফান্ড	১৬২.৫		১৭৬
আইসিবি ৩য় এনআরবি	১৬২.৫		১৪.০৬
মেঘনা ইন্স্যুরেন্স	১৫১.৫৪		৪৫.৪১
মুন্নু সিরামিক	১৪৬.৭৮		১৯২.২৮
তিতাস গ্যাস	১৪৬.০৭		নেগেটিভ
ইস্টার্ন লুব্রিকেন্টস	১৪০.০৫		১৩২.২৮
ওয়ালটন হাইটেক	১৩৯.০৮		৬৬.০৭
এক্টিভ ফাইন কেমিক্যাল	১২০.৬৩		১৭৫.৪৫
দেশবন্ধু পলিমার	১১৭.৭৮		৭২.৮০
এসইএমএল লেকচার ইক্যুইটি ফান্ড	১১৫.৭২		৪১.৩৬
ইউনাইটেড ফাইন্যান্স	১০৭.৭৩		২০.৭৯
কাশেম ড্রাইসেল	১০৪.২৯		১৬৮.৬৭
এএফসি এগ্রো বায়োটেক	১০৩.৬৮		১০৬.১২
প্যাসিফিক ডেনিমস	১০৩.৩৩		১০৩.৩৩
ড্যাফোডিল কম্পিউটারস	১০২.৭৫		১৫২.২২
ডমিনেজ স্টিল	১০১.২৫		৪০৫
আইসিবি সোনালী ব্যাংক ১ম	১০০		৩৬.৫৬
ইবিএল ফার্স্ট মিউচুয়াল ফান্ড	৯২.৫		নেগেটিভ
এমবিএল ১ম মি. ফান্ড	৭০.২১		১৫.৭১
বিডি ফাইন্যান্স	৬৯.০৯		৩৫.২৯
লুব-রেফ	৬৭.৫		২৮.৯৮
গোল্ডেন জুবিলি মি.ফা.	৬৭		১০৫.০৬
ফিনিক্স ফাইন্যান্স ১ম মি. ফান্ড	৬৬.৬৬		২০.০৫
এলআর গ্লোবাল মি. ফান্ড ১	৬১.৭৭		২৬.০৫
পিই ১ : সর্বশেষ অনিরীক্ষিত আর্থিক প্রতিবেদনের ভিত্তিতে Basic EPS (চলমান প্রক্রিয়া) অনুযায়ী পিই রেশিও নির্ধারণ করা হয়েছে।
পিই ২ : সর্বশেষ অনিরীক্ষিত আর্থিক প্রতিবেদনের ভিত্তিতে Diluted EPS (চলমান প্রক্রিয়া) অনুযায়ী পিই রেশিও নির্ধারণ করা হয়েছে।
পিই ৫ : সর্বশেষ এজিএমে অনুমোদিত সর্বশেষ নিরীক্ষিত আর্থিক প্রতিবেদনের ভিত্তিতে Basic EPS (চলমান প্রক্রিয়া) অনুযায়ী পিই রেশিও নির্ধারণ করা হয়েছে।
